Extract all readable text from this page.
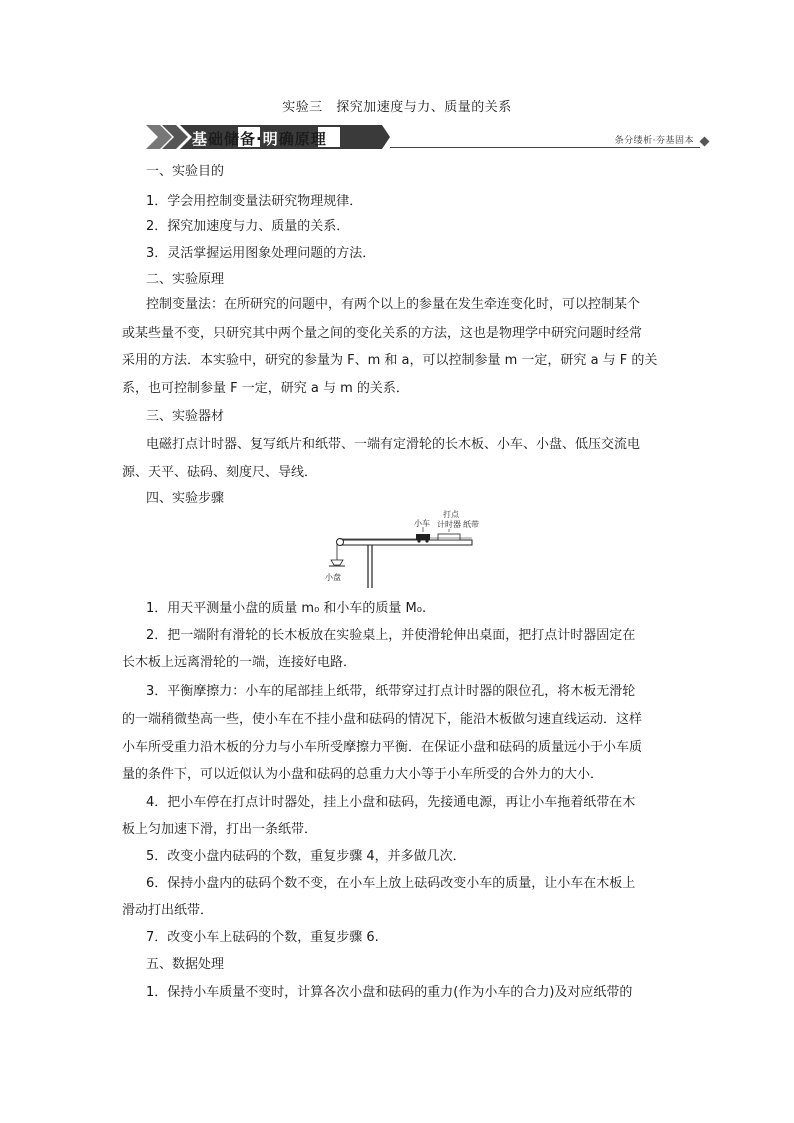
实验三　探究加速度与力、质量的关系
基础储备·明确原理	条分缕析·夯基固本
一、实验目的
1．学会用控制变量法研究物理规律．
2．探究加速度与力、质量的关系．
3．灵活掌握运用图象处理问题的方法．
二、实验原理
控制变量法：在所研究的问题中，有两个以上的参量在发生牵连变化时，可以控制某个
或某些量不变，只研究其中两个量之间的变化关系的方法，这也是物理学中研究问题时经常
采用的方法．本实验中，研究的参量为 F、m 和 a，可以控制参量 m 一定，研究 a 与 F 的关
系，也可控制参量 F 一定，研究 a 与 m 的关系．
三、实验器材
电磁打点计时器、复写纸片和纸带、一端有定滑轮的长木板、小车、小盘、低压交流电
源、天平、砝码、刻度尺、导线．
四、实验步骤
小车
打点
计时器 纸带
小盘
1．用天平测量小盘的质量 m₀ 和小车的质量 M₀.
2．把一端附有滑轮的长木板放在实验桌上，并使滑轮伸出桌面，把打点计时器固定在
长木板上远离滑轮的一端，连接好电路．
3．平衡摩擦力：小车的尾部挂上纸带，纸带穿过打点计时器的限位孔，将木板无滑轮
的一端稍微垫高一些，使小车在不挂小盘和砝码的情况下，能沿木板做匀速直线运动．这样
小车所受重力沿木板的分力与小车所受摩擦力平衡．在保证小盘和砝码的质量远小于小车质
量的条件下，可以近似认为小盘和砝码的总重力大小等于小车所受的合外力的大小．
4．把小车停在打点计时器处，挂上小盘和砝码，先接通电源，再让小车拖着纸带在木
板上匀加速下滑，打出一条纸带．
5．改变小盘内砝码的个数，重复步骤 4，并多做几次．
6．保持小盘内的砝码个数不变，在小车上放上砝码改变小车的质量，让小车在木板上
滑动打出纸带．
7．改变小车上砝码的个数，重复步骤 6.
五、数据处理
1．保持小车质量不变时，计算各次小盘和砝码的重力(作为小车的合力)及对应纸带的
